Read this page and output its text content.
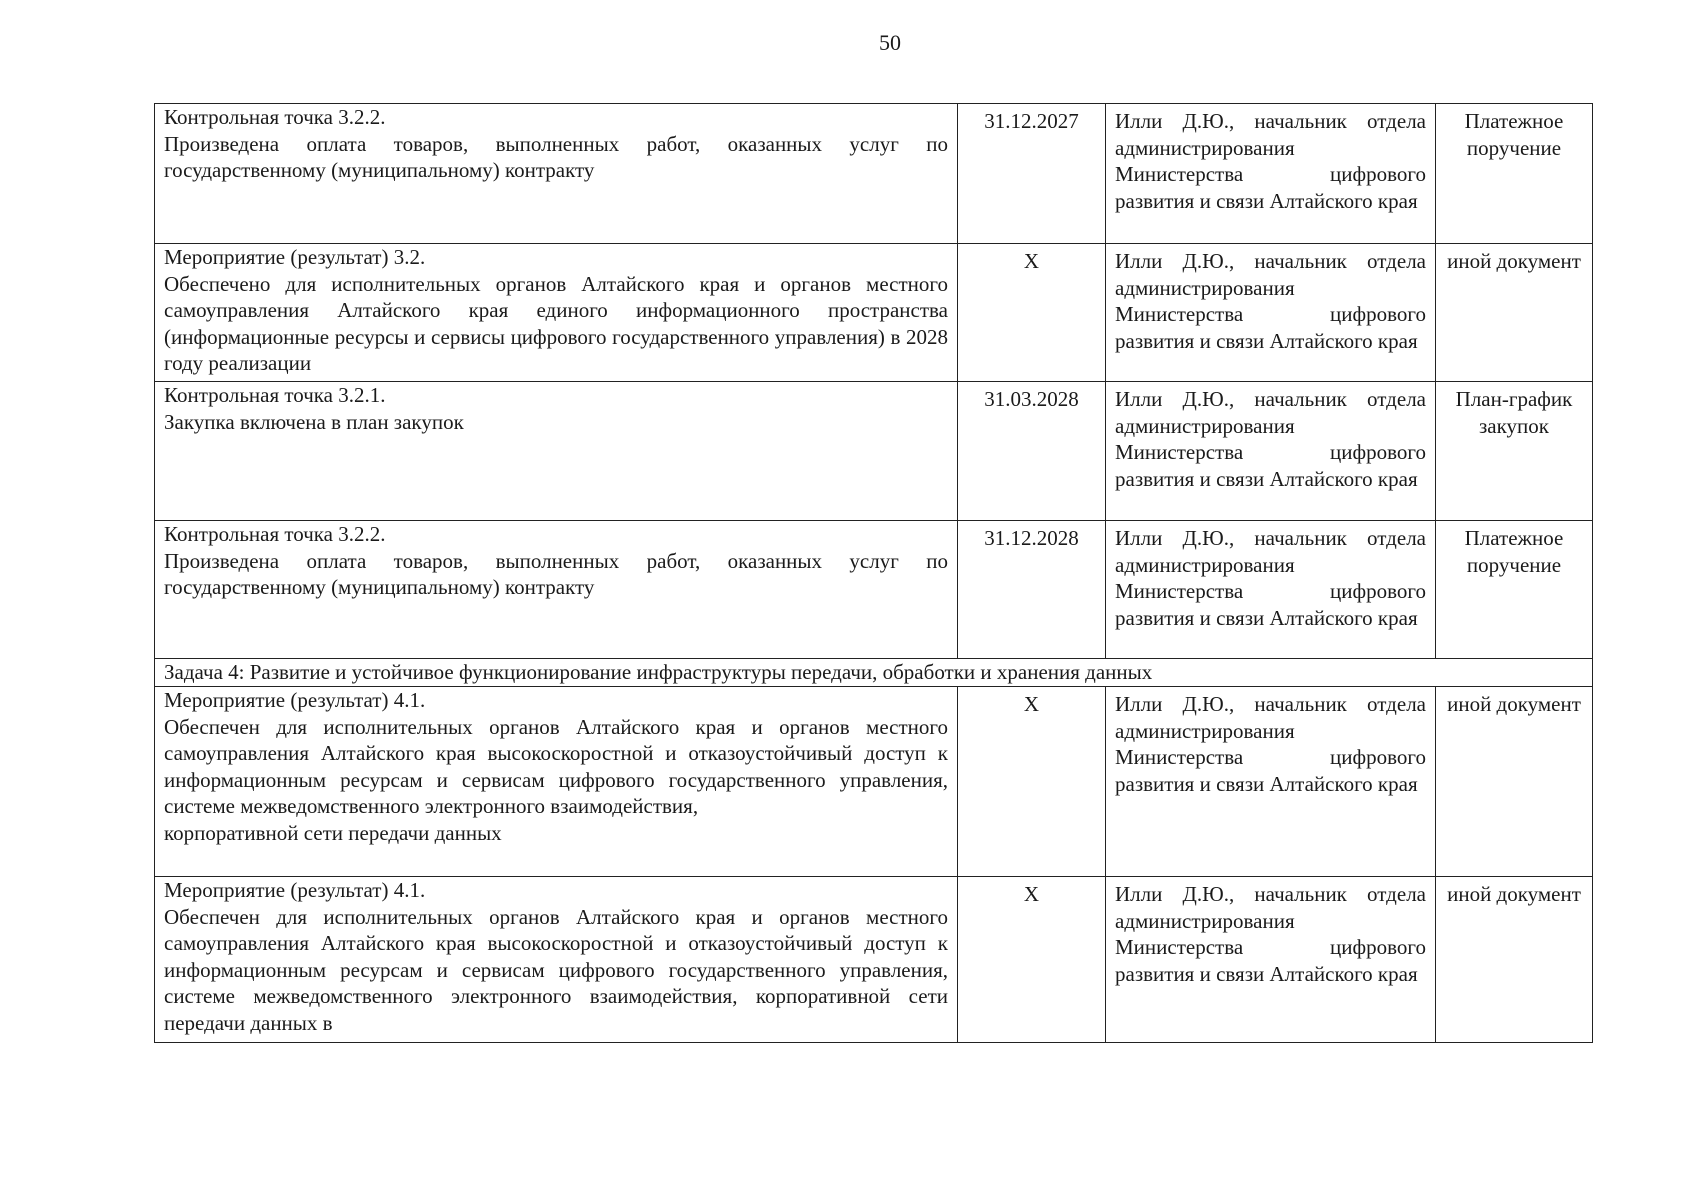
50
Контрольная точка 3.2.2.
Произведена оплата товаров, выполненных работ, оказанных услуг по государственному (муниципальному) контракту	31.12.2027	Илли Д.Ю., начальник отдела администрирования Министерства цифрового развития и связи Алтайского края	Платежное поручение

Мероприятие (результат) 3.2.
Обеспечено для исполнительных органов Алтайского края и органов местного самоуправления Алтайского края единого информационного пространства (информационные ресурсы и сервисы цифрового государственного управления) в 2028 году реализации	X	Илли Д.Ю., начальник отдела администрирования Министерства цифрового развития и связи Алтайского края	иной документ

Контрольная точка 3.2.1.
Закупка включена в план закупок	31.03.2028	Илли Д.Ю., начальник отдела администрирования Министерства цифрового развития и связи Алтайского края	План-график закупок

Контрольная точка 3.2.2.
Произведена оплата товаров, выполненных работ, оказанных услуг по государственному (муниципальному) контракту	31.12.2028	Илли Д.Ю., начальник отдела администрирования Министерства цифрового развития и связи Алтайского края	Платежное поручение

Задача 4: Развитие и устойчивое функционирование инфраструктуры передачи, обработки и хранения данных			

Мероприятие (результат) 4.1.
Обеспечен для исполнительных органов Алтайского края и органов местного самоуправления Алтайского края высокоскоростной и отказоустойчивый доступ к информационным ресурсам и сервисам цифрового государственного управления, системе межведомственного электронного взаимодействия,
корпоративной сети передачи данных	X	Илли Д.Ю., начальник отдела администрирования Министерства цифрового развития и связи Алтайского края	иной документ

Мероприятие (результат) 4.1.
Обеспечен для исполнительных органов Алтайского края и органов местного самоуправления Алтайского края высокоскоростной и отказоустойчивый доступ к информационным ресурсам и сервисам цифрового государственного управления, системе межведомственного электронного взаимодействия, корпоративной сети передачи данных в	X	Илли Д.Ю., начальник отдела администрирования Министерства цифрового развития и связи Алтайского края	иной документ
